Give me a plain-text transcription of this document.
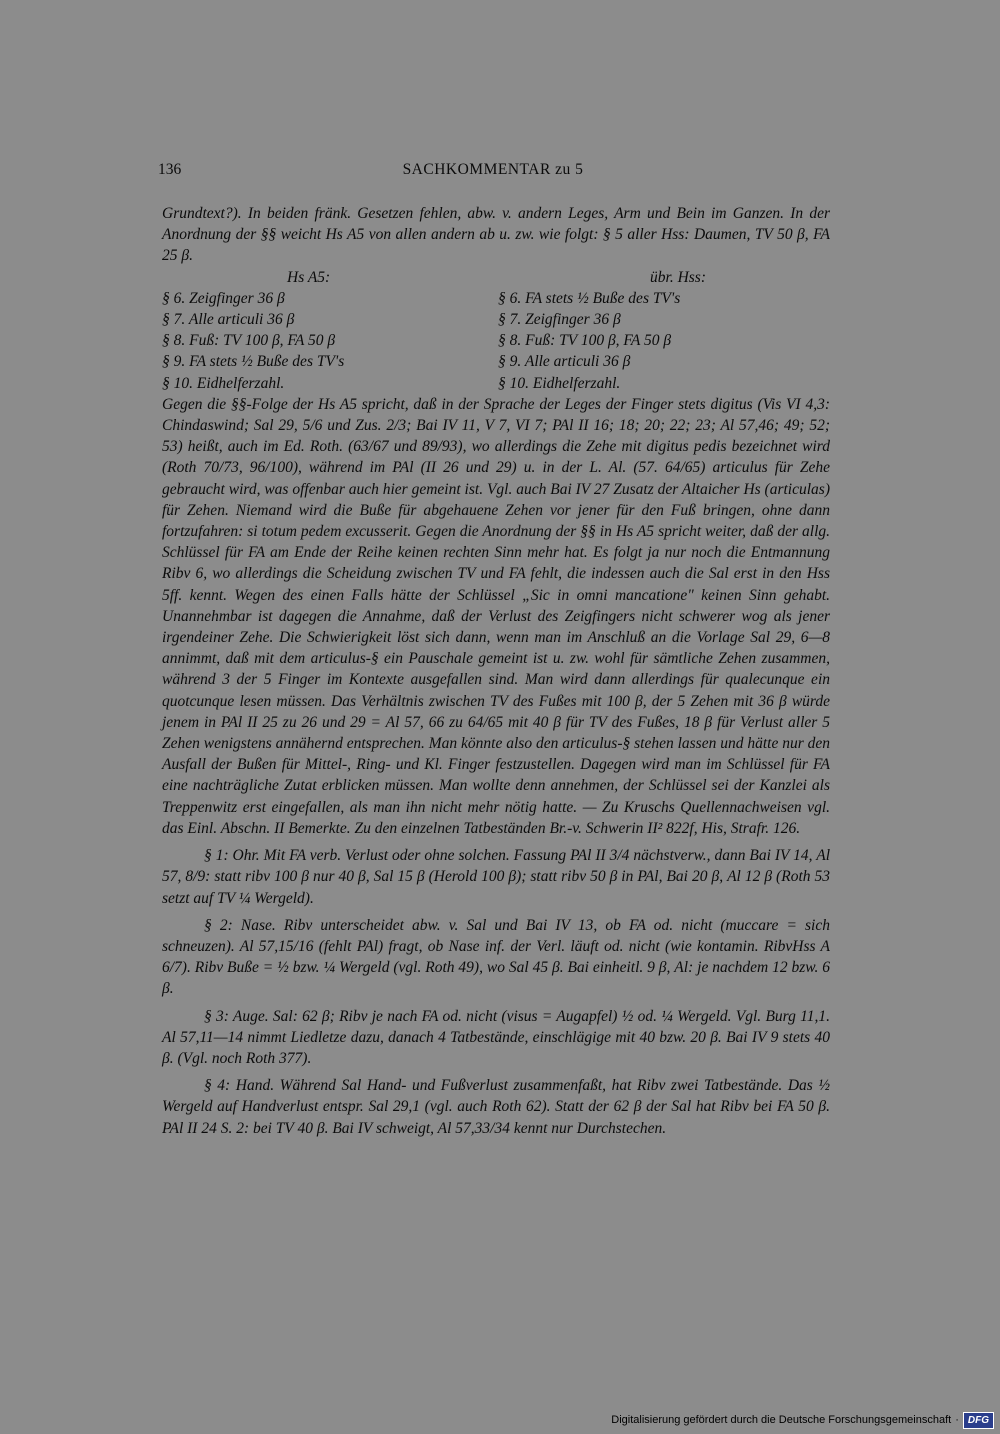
136	SACHKOMMENTAR zu 5

Grundtext?). In beiden fränk. Gesetzen fehlen, abw. v. andern Leges, Arm und Bein im Ganzen. In der Anordnung der §§ weicht Hs A5 von allen andern ab u. zw. wie folgt: § 5 aller Hss: Daumen, TV 50 β, FA 25 β.

Hs A5:
§ 6. Zeigfinger 36 β
§ 7. Alle articuli 36 β
§ 8. Fuß: TV 100 β, FA 50 β
§ 9. FA stets ½ Buße des TV's
§ 10. Eidhelferzahl.
übr. Hss:
§ 6. FA stets ½ Buße des TV's
§ 7. Zeigfinger 36 β
§ 8. Fuß: TV 100 β, FA 50 β
§ 9. Alle articuli 36 β
§ 10. Eidhelferzahl.

Gegen die §§-Folge der Hs A5 spricht, daß in der Sprache der Leges der Finger stets digitus (Vis VI 4,3: Chindaswind; Sal 29, 5/6 und Zus. 2/3; Bai IV 11, V 7, VI 7; PAl II 16; 18; 20; 22; 23; Al 57,46; 49; 52; 53) heißt, auch im Ed. Roth. (63/67 und 89/93), wo allerdings die Zehe mit digitus pedis bezeichnet wird (Roth 70/73, 96/100), während im PAl (II 26 und 29) u. in der L. Al. (57. 64/65) articulus für Zehe gebraucht wird, was offenbar auch hier gemeint ist. Vgl. auch Bai IV 27 Zusatz der Altaicher Hs (articulas) für Zehen. Niemand wird die Buße für abgehauene Zehen vor jener für den Fuß bringen, ohne dann fortzufahren: si totum pedem excusserit. Gegen die Anordnung der §§ in Hs A5 spricht weiter, daß der allg. Schlüssel für FA am Ende der Reihe keinen rechten Sinn mehr hat. Es folgt ja nur noch die Entmannung Ribv 6, wo allerdings die Scheidung zwischen TV und FA fehlt, die indessen auch die Sal erst in den Hss 5ff. kennt. Wegen des einen Falls hätte der Schlüssel „Sic in omni mancatione" keinen Sinn gehabt. Unannehmbar ist dagegen die Annahme, daß der Verlust des Zeigfingers nicht schwerer wog als jener irgendeiner Zehe. Die Schwierigkeit löst sich dann, wenn man im Anschluß an die Vorlage Sal 29, 6—8 annimmt, daß mit dem articulus-§ ein Pauschale gemeint ist u. zw. wohl für sämtliche Zehen zusammen, während 3 der 5 Finger im Kontexte ausgefallen sind. Man wird dann allerdings für qualecunque ein quotcunque lesen müssen. Das Verhältnis zwischen TV des Fußes mit 100 β, der 5 Zehen mit 36 β würde jenem in PAl II 25 zu 26 und 29 = Al 57, 66 zu 64/65 mit 40 β für TV des Fußes, 18 β für Verlust aller 5 Zehen wenigstens annähernd entsprechen. Man könnte also den articulus-§ stehen lassen und hätte nur den Ausfall der Bußen für Mittel-, Ring- und Kl. Finger festzustellen. Dagegen wird man im Schlüssel für FA eine nachträgliche Zutat erblicken müssen. Man wollte denn annehmen, der Schlüssel sei der Kanzlei als Treppenwitz erst eingefallen, als man ihn nicht mehr nötig hatte. — Zu Kruschs Quellennachweisen vgl. das Einl. Abschn. II Bemerkte. Zu den einzelnen Tatbeständen Br.-v. Schwerin II² 822f, His, Strafr. 126.

§ 1: Ohr. Mit FA verb. Verlust oder ohne solchen. Fassung PAl II 3/4 nächstverw., dann Bai IV 14, Al 57, 8/9: statt ribv 100 β nur 40 β, Sal 15 β (Herold 100 β); statt ribv 50 β in PAl, Bai 20 β, Al 12 β (Roth 53 setzt auf TV ¼ Wergeld).

§ 2: Nase. Ribv unterscheidet abw. v. Sal und Bai IV 13, ob FA od. nicht (muccare = sich schneuzen). Al 57,15/16 (fehlt PAl) fragt, ob Nase inf. der Verl. läuft od. nicht (wie kontamin. RibvHss A 6/7). Ribv Buße = ½ bzw. ¼ Wergeld (vgl. Roth 49), wo Sal 45 β. Bai einheitl. 9 β, Al: je nachdem 12 bzw. 6 β.

§ 3: Auge. Sal: 62 β; Ribv je nach FA od. nicht (visus = Augapfel) ½ od. ¼ Wergeld. Vgl. Burg 11,1. Al 57,11—14 nimmt Liedletze dazu, danach 4 Tatbestände, einschlägige mit 40 bzw. 20 β. Bai IV 9 stets 40 β. (Vgl. noch Roth 377).

§ 4: Hand. Während Sal Hand- und Fußverlust zusammenfaßt, hat Ribv zwei Tatbestände. Das ½ Wergeld auf Handverlust entspr. Sal 29,1 (vgl. auch Roth 62). Statt der 62 β der Sal hat Ribv bei FA 50 β. PAl II 24 S. 2: bei TV 40 β. Bai IV schweigt, Al 57,33/34 kennt nur Durchstechen.

Digitalisierung gefördert durch die Deutsche Forschungsgemeinschaft · DFG
